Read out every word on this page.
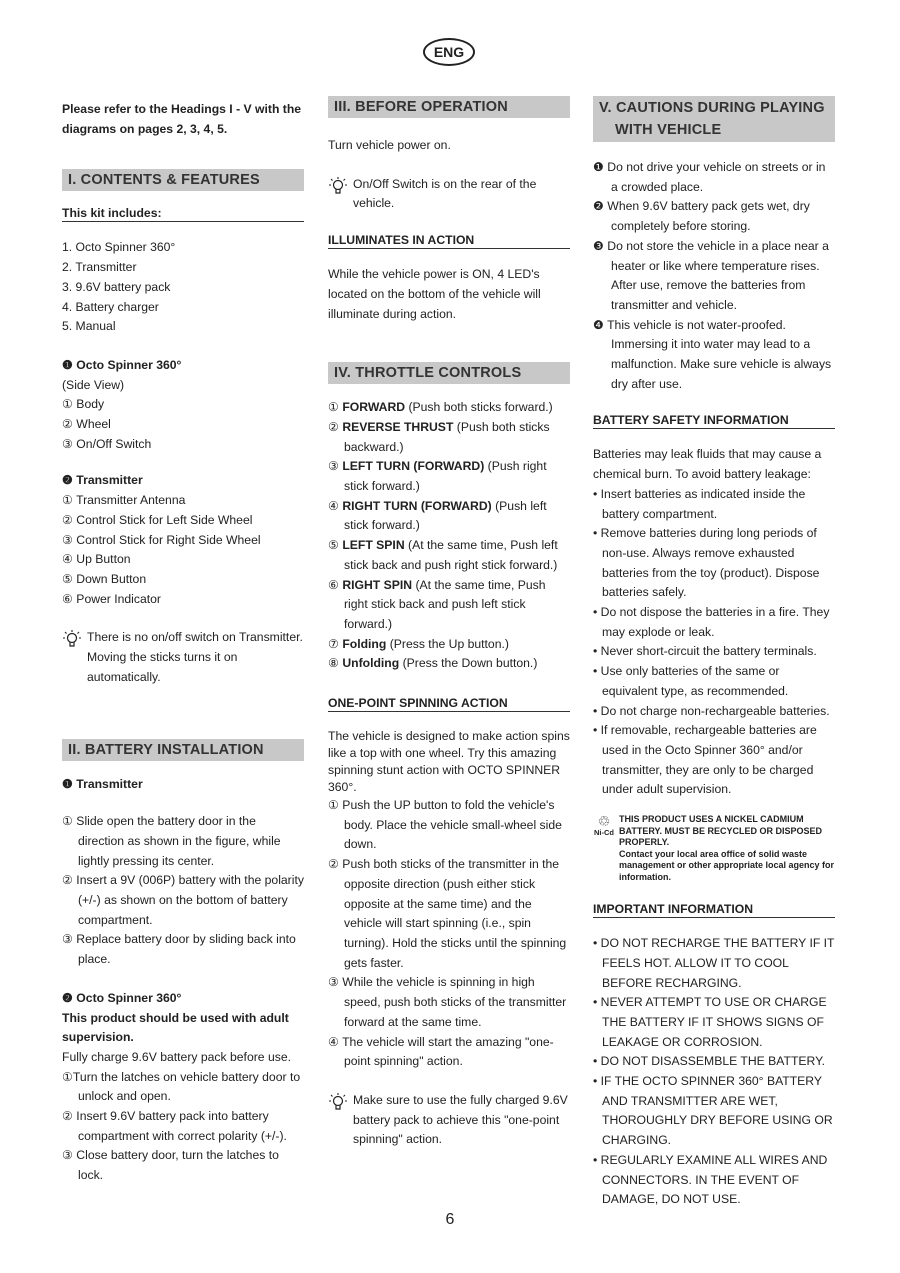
ENG

Please refer to the Headings I - V with the diagrams on pages 2, 3, 4, 5.

I. CONTENTS & FEATURES
This kit includes:

1. Octo Spinner 360°

2. Transmitter

3. 9.6V battery pack

4. Battery charger

5. Manual

❶ Octo Spinner 360°

(Side View)

① Body

② Wheel

③ On/Off Switch

❷ Transmitter

① Transmitter Antenna

② Control Stick for Left Side Wheel

③ Control Stick for Right Side Wheel

④ Up Button

⑤ Down Button

⑥ Power Indicator

There is no on/off switch on Transmitter. Moving the sticks turns it on automatically.

II. BATTERY INSTALLATION

❶ Transmitter

① Slide open the battery door in the direction as shown in the figure, while lightly pressing its center.

② Insert a 9V (006P) battery with the polarity (+/-) as shown on the bottom of battery compartment.

③ Replace battery door by sliding back into place.

❷ Octo Spinner 360°

This product should be used with adult supervision.

Fully charge 9.6V battery pack before use.

①Turn the latches on vehicle battery door to unlock and open.

② Insert 9.6V battery pack into battery compartment with correct polarity (+/-).

③ Close battery door, turn the latches to lock.

III. BEFORE OPERATION

Turn vehicle power on.

On/Off Switch is on the rear of the vehicle.

ILLUMINATES IN ACTION

While the vehicle power is ON, 4 LED's located on the bottom of the vehicle will illuminate during action.

IV. THROTTLE CONTROLS

① FORWARD (Push both sticks forward.)

② REVERSE THRUST (Push both sticks backward.)

③ LEFT TURN (FORWARD) (Push right stick forward.)

④ RIGHT TURN (FORWARD) (Push left stick forward.)

⑤ LEFT SPIN (At the same time, Push left stick back and push right stick forward.)

⑥ RIGHT SPIN (At the same time, Push right stick back and push left stick forward.)

⑦ Folding (Press the Up button.)

⑧ Unfolding (Press the Down button.)

ONE-POINT SPINNING ACTION

The vehicle is designed to make action spins like a top with one wheel. Try this amazing spinning stunt action with OCTO SPINNER 360°.

① Push the UP button to fold the vehicle's body. Place the vehicle small-wheel side down.

② Push both sticks of the transmitter in the opposite direction (push either stick opposite at the same time) and the vehicle will start spinning (i.e., spin turning). Hold the sticks until the spinning gets faster.

③ While the vehicle is spinning in high speed, push both sticks of the transmitter forward at the same time.

④ The vehicle will start the amazing "one-point spinning" action.

Make sure to use the fully charged 9.6V battery pack to achieve this "one-point spinning" action.

V. CAUTIONS DURING PLAYING WITH VEHICLE

❶ Do not drive your vehicle on streets or in a crowded place.

❷ When 9.6V battery pack gets wet, dry completely before storing.

❸ Do not store the vehicle in a place near a heater or like where temperature rises. After use, remove the batteries from transmitter and vehicle.

❹ This vehicle is not water-proofed. Immersing it into water may lead to a malfunction. Make sure vehicle is always dry after use.

BATTERY SAFETY INFORMATION

Batteries may leak fluids that may cause a chemical burn. To avoid battery leakage:

• Insert batteries as indicated inside the battery compartment.

• Remove batteries during long periods of non-use. Always remove exhausted batteries from the toy (product). Dispose batteries safely.

• Do not dispose the batteries in a fire. They may explode or leak.

• Never short-circuit the battery terminals.

• Use only batteries of the same or equivalent type, as recommended.

• Do not charge non-rechargeable batteries.

• If removable, rechargeable batteries are used in the Octo Spinner 360° and/or transmitter, they are only to be charged under adult supervision.

♲
Ni-Cd

THIS PRODUCT USES A NICKEL CADMIUM BATTERY. MUST BE RECYCLED OR DISPOSED PROPERLY.

Contact your local area office of solid waste management or other appropriate local agency for information.

IMPORTANT INFORMATION

• DO NOT RECHARGE THE BATTERY IF IT FEELS HOT. ALLOW IT TO COOL BEFORE RECHARGING.

• NEVER ATTEMPT TO USE OR CHARGE THE BATTERY IF IT SHOWS SIGNS OF LEAKAGE OR CORROSION.

• DO NOT DISASSEMBLE THE BATTERY.

• IF THE OCTO SPINNER 360° BATTERY AND TRANSMITTER ARE WET, THOROUGHLY DRY BEFORE USING OR CHARGING.

• REGULARLY EXAMINE ALL WIRES AND CONNECTORS. IN THE EVENT OF DAMAGE, DO NOT USE.

6
